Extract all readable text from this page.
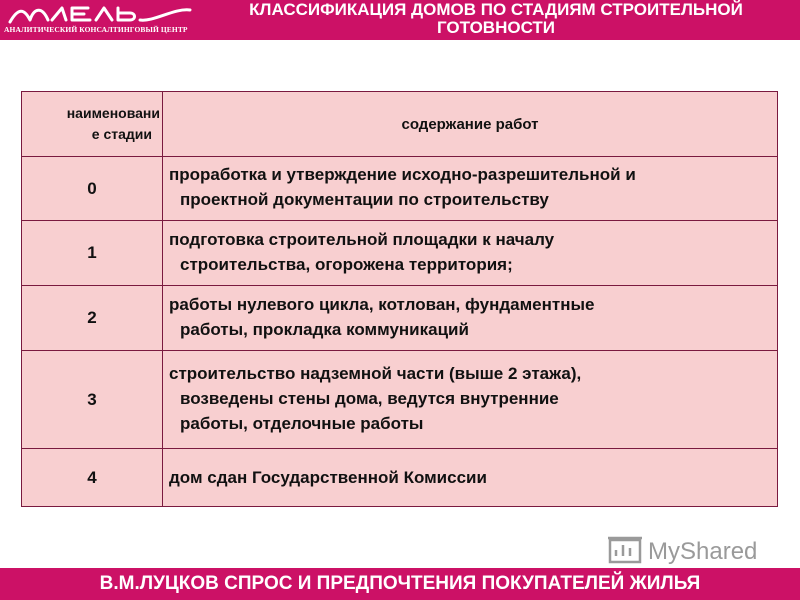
АНАЛИТИЧЕСКИЙ КОНСАЛТИНГОВЫЙ ЦЕНТР
КЛАССИФИКАЦИЯ ДОМОВ ПО СТАДИЯМ СТРОИТЕЛЬНОЙ
ГОТОВНОСТИ
наименовани
е стадии	содержание работ
0	проработка и утверждение исходно-разрешительной и
проектной документации по строительству

1	подготовка строительной площадки к началу
строительства, огорожена территория;

2	работы нулевого цикла, котлован, фундаментные
работы, прокладка коммуникаций

3	строительство надземной части (выше 2 этажа),
возведены стены дома, ведутся внутренние
работы, отделочные работы

4	дом сдан Государственной Комиссии
MyShared
В.М.ЛУЦКОВ СПРОС И ПРЕДПОЧТЕНИЯ ПОКУПАТЕЛЕЙ ЖИЛЬЯ
